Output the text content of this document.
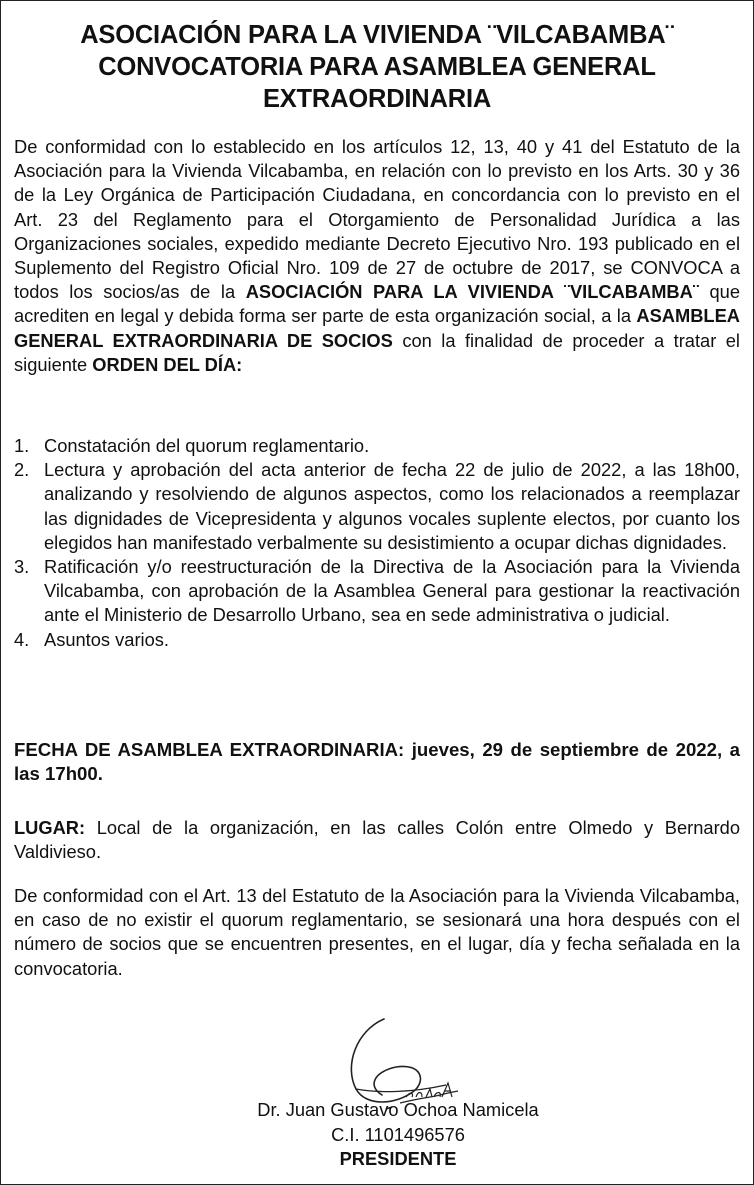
ASOCIACIÓN PARA LA VIVIENDA ¨VILCABAMBA¨
CONVOCATORIA PARA ASAMBLEA GENERAL
EXTRAORDINARIA

De conformidad con lo establecido en los artículos 12, 13, 40 y 41 del Estatuto de la Asociación para la Vivienda Vilcabamba, en relación con lo previsto en los Arts. 30 y 36 de la Ley Orgánica de Participación Ciudadana, en concordancia con lo previsto en el Art. 23 del Reglamento para el Otorgamiento de Personalidad Jurídica a las Organizaciones sociales, expedido mediante Decreto Ejecutivo Nro. 193 publicado en el Suplemento del Registro Oficial Nro. 109 de 27 de octubre de 2017, se CONVOCA a todos los socios/as de la ASOCIACIÓN PARA LA VIVIENDA ¨VILCABAMBA¨ que acrediten en legal y debida forma ser parte de esta organización social, a la ASAMBLEA GENERAL EXTRAORDINARIA DE SOCIOS con la finalidad de proceder a tratar el siguiente ORDEN DEL DÍA:

1. Constatación del quorum reglamentario.
2. Lectura y aprobación del acta anterior de fecha 22 de julio de 2022, a las 18h00, analizando y resolviendo de algunos aspectos, como los relacionados a reemplazar las dignidades de Vicepresidenta y algunos vocales suplente electos, por cuanto los elegidos han manifestado verbalmente su desistimiento a ocupar dichas dignidades.
3. Ratificación y/o reestructuración de la Directiva de la Asociación para la Vivienda Vilcabamba, con aprobación de la Asamblea General para gestionar la reactivación ante el Ministerio de Desarrollo Urbano, sea en sede administrativa o judicial.
4. Asuntos varios.

FECHA DE ASAMBLEA EXTRAORDINARIA: jueves, 29 de septiembre de 2022, a las 17h00.

LUGAR: Local de la organización, en las calles Colón entre Olmedo y Bernardo Valdivieso.

De conformidad con el Art. 13 del Estatuto de la Asociación para la Vivienda Vilcabamba, en caso de no existir el quorum reglamentario, se sesionará una hora después con el número de socios que se encuentren presentes, en el lugar, día y fecha señalada en la convocatoria.

Dr. Juan Gustavo Ochoa Namicela
C.I. 1101496576
PRESIDENTE
